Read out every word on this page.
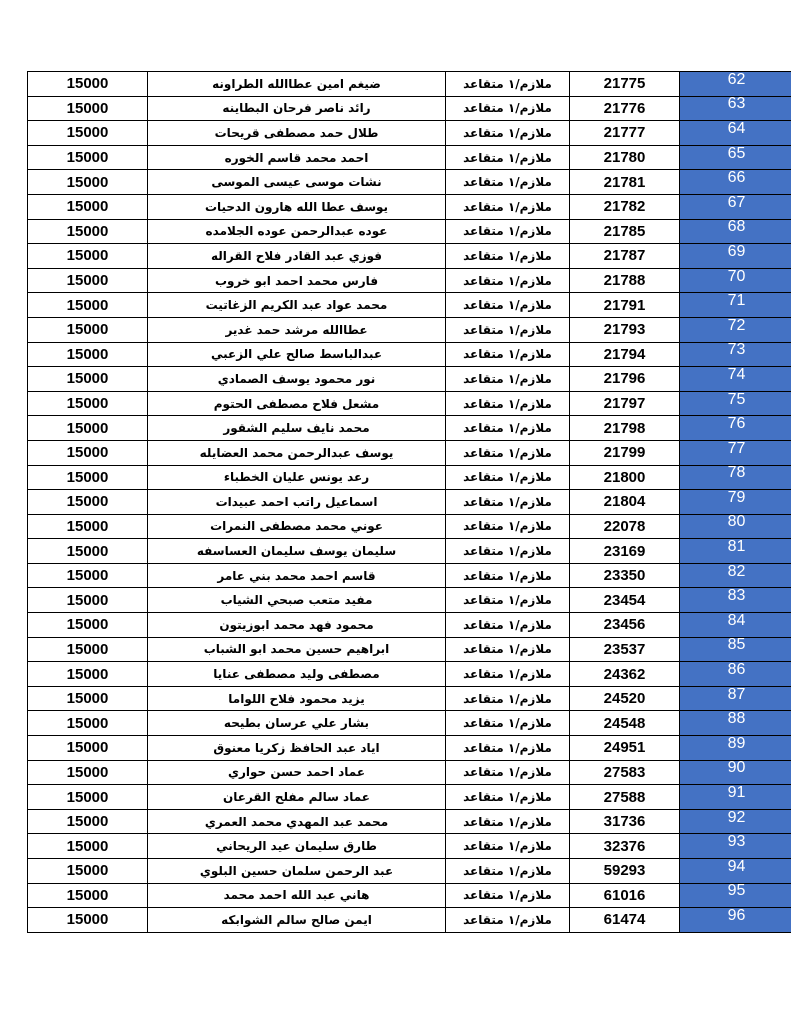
15000	ضيغم امين عطاالله الطراونه	ملازم/١ متقاعد	21775	62
15000	رائد ناصر فرحان البطاينه	ملازم/١ متقاعد	21776	63
15000	طلال حمد مصطفى قريحات	ملازم/١ متقاعد	21777	64
15000	احمد محمد قاسم الخوره	ملازم/١ متقاعد	21780	65
15000	نشات موسى عيسى الموسى	ملازم/١ متقاعد	21781	66
15000	يوسف عطا الله هارون الدحيات	ملازم/١ متقاعد	21782	67
15000	عوده عبدالرحمن عوده الجلامده	ملازم/١ متقاعد	21785	68
15000	فوزي عبد القادر فلاح القراله	ملازم/١ متقاعد	21787	69
15000	فارس محمد احمد ابو خروب	ملازم/١ متقاعد	21788	70
15000	محمد عواد عبد الكريم الزغاتيت	ملازم/١ متقاعد	21791	71
15000	عطاالله مرشد حمد غدير	ملازم/١ متقاعد	21793	72
15000	عبدالباسط صالح علي الزعبي	ملازم/١ متقاعد	21794	73
15000	نور محمود يوسف الصمادي	ملازم/١ متقاعد	21796	74
15000	مشعل فلاح مصطفى الحتوم	ملازم/١ متقاعد	21797	75
15000	محمد نايف سليم الشقور	ملازم/١ متقاعد	21798	76
15000	يوسف عبدالرحمن محمد العضايله	ملازم/١ متقاعد	21799	77
15000	رعد يونس عليان الخطباء	ملازم/١ متقاعد	21800	78
15000	اسماعيل راتب احمد عبيدات	ملازم/١ متقاعد	21804	79
15000	عوني محمد مصطفى النمرات	ملازم/١ متقاعد	22078	80
15000	سليمان يوسف سليمان العساسفه	ملازم/١ متقاعد	23169	81
15000	قاسم احمد محمد بني عامر	ملازم/١ متقاعد	23350	82
15000	مفيد متعب صبحي الشياب	ملازم/١ متقاعد	23454	83
15000	محمود فهد محمد ابوزيتون	ملازم/١ متقاعد	23456	84
15000	ابراهيم حسين محمد ابو الشباب	ملازم/١ متقاعد	23537	85
15000	مصطفى وليد مصطفى عنايا	ملازم/١ متقاعد	24362	86
15000	يزيد محمود فلاح اللواما	ملازم/١ متقاعد	24520	87
15000	بشار علي عرسان بطيحه	ملازم/١ متقاعد	24548	88
15000	اياد عبد الحافظ زكريا معنوق	ملازم/١ متقاعد	24951	89
15000	عماد احمد حسن حواري	ملازم/١ متقاعد	27583	90
15000	عماد سالم مفلح القرعان	ملازم/١ متقاعد	27588	91
15000	محمد عبد المهدي محمد العمري	ملازم/١ متقاعد	31736	92
15000	طارق سليمان عيد الريحاني	ملازم/١ متقاعد	32376	93
15000	عبد الرحمن سلمان حسين البلوي	ملازم/١ متقاعد	59293	94
15000	هاني عبد الله احمد محمد	ملازم/١ متقاعد	61016	95
15000	ايمن صالح سالم الشوابكه	ملازم/١ متقاعد	61474	96
